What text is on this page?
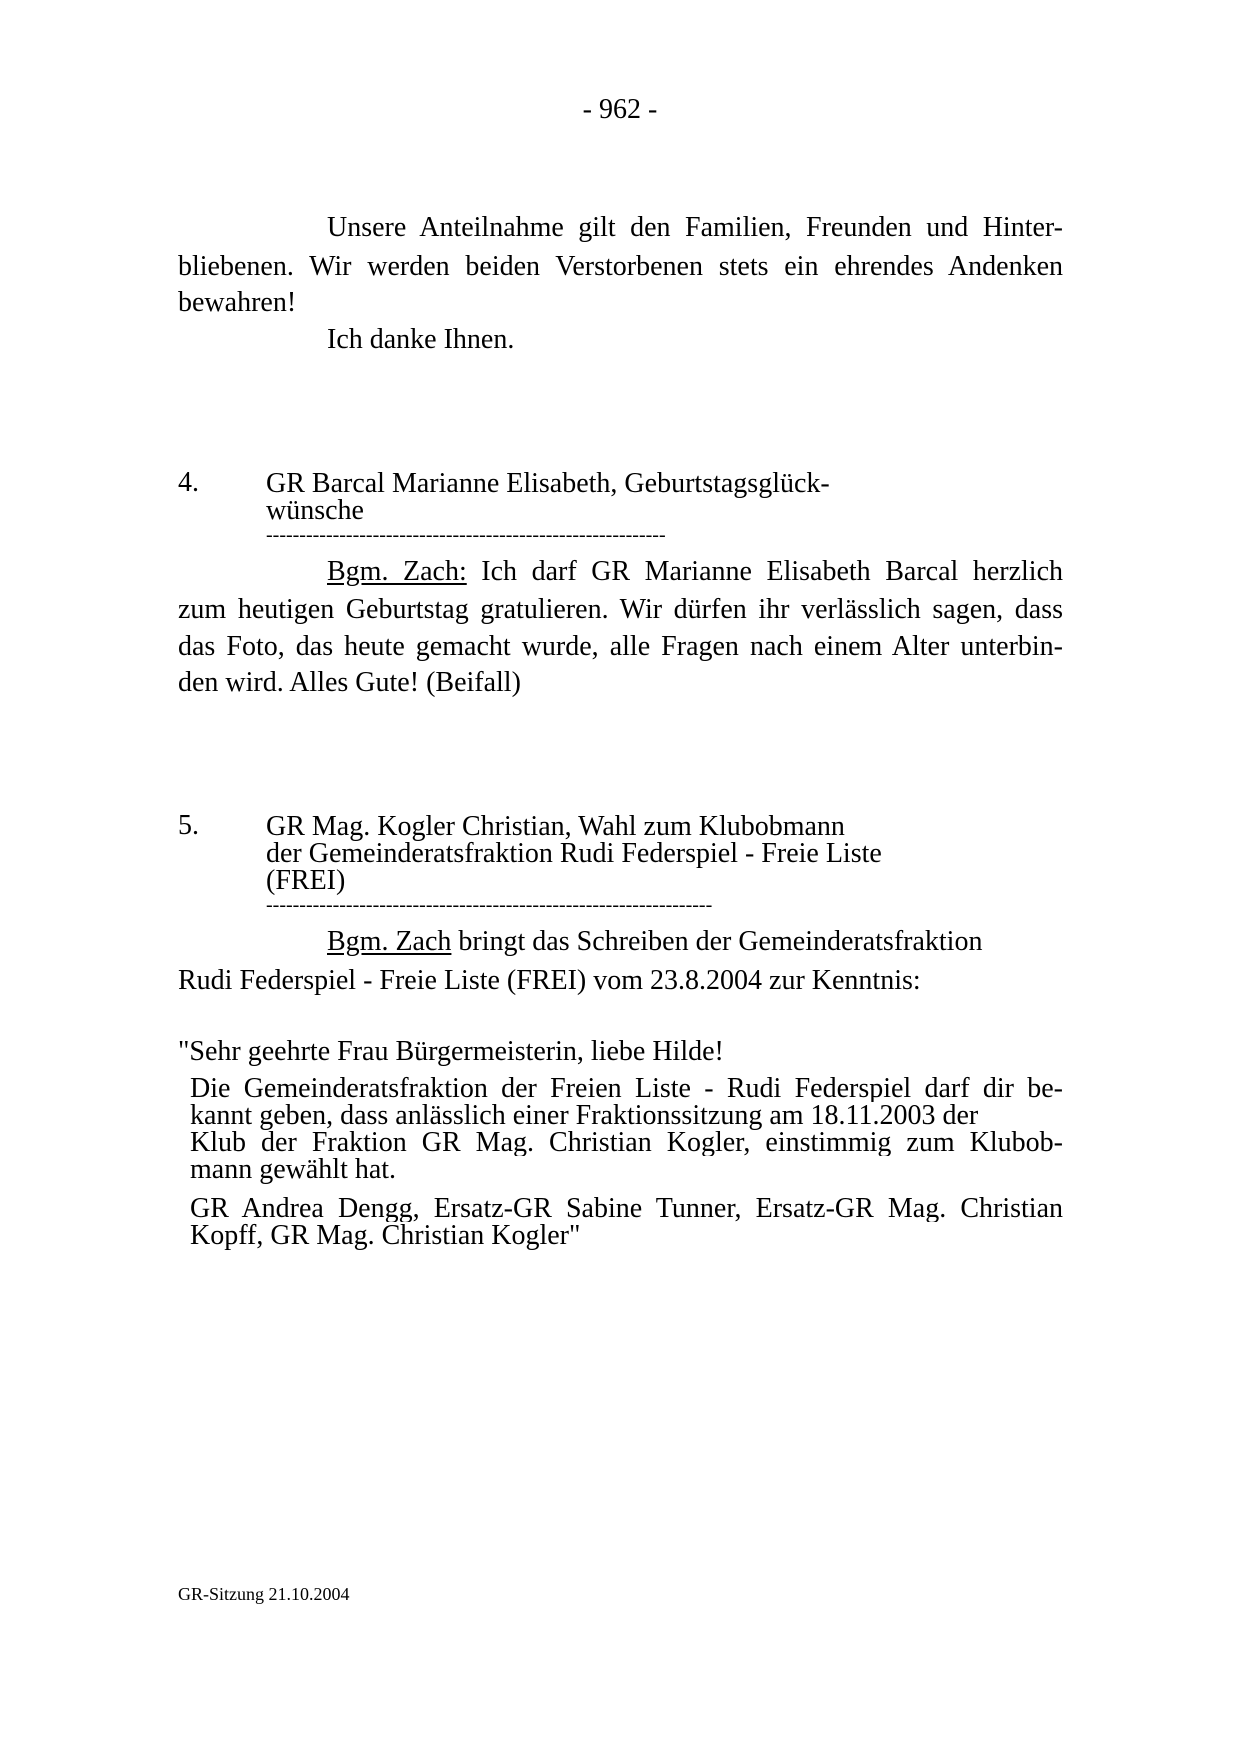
- 962 -
Unsere Anteilnahme gilt den Familien, Freunden und Hinter-
bliebenen. Wir werden beiden Verstorbenen stets ein ehrendes Andenken
bewahren!
Ich danke Ihnen.
4. GR Barcal Marianne Elisabeth, Geburtstagsglück-
wünsche
------------------------------------------------------------
Bgm. Zach: Ich darf GR Marianne Elisabeth Barcal herzlich
zum heutigen Geburtstag gratulieren. Wir dürfen ihr verlässlich sagen, dass
das Foto, das heute gemacht wurde, alle Fragen nach einem Alter unterbin-
den wird. Alles Gute! (Beifall)
5. GR Mag. Kogler Christian, Wahl zum Klubobmann
der Gemeinderatsfraktion Rudi Federspiel - Freie Liste
(FREI)
-------------------------------------------------------------------
Bgm. Zach bringt das Schreiben der Gemeinderatsfraktion
Rudi Federspiel - Freie Liste (FREI) vom 23.8.2004 zur Kenntnis:
"Sehr geehrte Frau Bürgermeisterin, liebe Hilde!
Die Gemeinderatsfraktion der Freien Liste - Rudi Federspiel darf dir be-
kannt geben, dass anlässlich einer Fraktionssitzung am 18.11.2003 der
Klub der Fraktion GR Mag. Christian Kogler, einstimmig zum Klubob-
mann gewählt hat.
GR Andrea Dengg, Ersatz-GR Sabine Tunner, Ersatz-GR Mag. Christian
Kopff, GR Mag. Christian Kogler"
GR-Sitzung 21.10.2004
